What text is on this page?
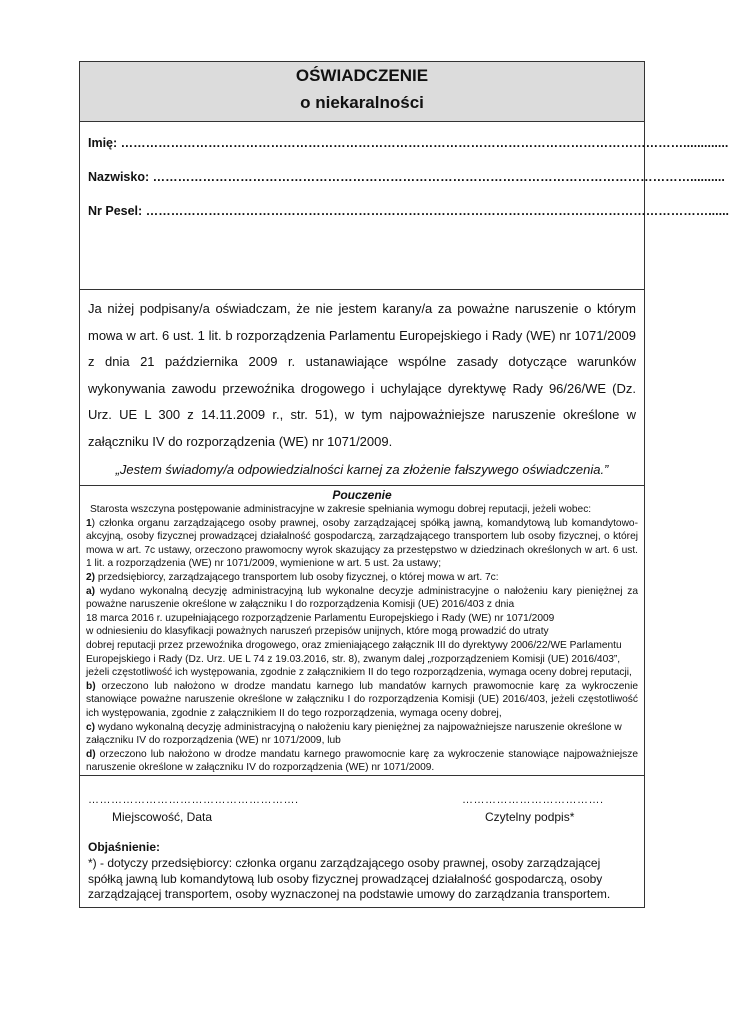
OŚWIADCZENIE
o niekaralności
Imię: ……………………………………………………………………………………………………………………….............
Nazwisko: …………………………………………………………………………………………………………………..........
Nr Pesel: ………………………………………………………………………………………………………………………......

Ja niżej podpisany/a oświadczam, że nie jestem karany/a za poważne naruszenie o którym mowa w art. 6 ust. 1 lit. b rozporządzenia Parlamentu Europejskiego i Rady (WE) nr 1071/2009 z dnia 21 października 2009 r. ustanawiające wspólne zasady dotyczące warunków wykonywania zawodu przewoźnika drogowego i uchylające dyrektywę Rady 96/26/WE (Dz. Urz. UE L 300 z 14.11.2009 r., str. 51), w tym najpoważniejsze naruszenie określone w załączniku IV do rozporządzenia (WE) nr 1071/2009.

„Jestem świadomy/a odpowiedzialności karnej za złożenie fałszywego oświadczenia.”
Pouczenie
Starosta wszczyna postępowanie administracyjne w zakresie spełniania wymogu dobrej reputacji, jeżeli wobec:
1) członka organu zarządzającego osoby prawnej, osoby zarządzającej spółką jawną, komandytową lub komandytowo-akcyjną, osoby fizycznej prowadzącej działalność gospodarczą, zarządzającego transportem lub osoby fizycznej, o której mowa w art. 7c ustawy, orzeczono prawomocny wyrok skazujący za przestępstwo w dziedzinach określonych w art. 6 ust. 1 lit. a rozporządzenia (WE) nr 1071/2009, wymienione w art. 5 ust. 2a ustawy;
2) przedsiębiorcy, zarządzającego transportem lub osoby fizycznej, o której mowa w art. 7c:
a) wydano wykonalną decyzję administracyjną lub wykonalne decyzje administracyjne o nałożeniu kary pieniężnej za poważne naruszenie określone w załączniku I do rozporządzenia Komisji (UE) 2016/403 z dnia
18 marca 2016 r. uzupełniającego rozporządzenie Parlamentu Europejskiego i Rady (WE) nr 1071/2009
w odniesieniu do klasyfikacji poważnych naruszeń przepisów unijnych, które mogą prowadzić do utraty
dobrej reputacji przez przewoźnika drogowego, oraz zmieniającego załącznik III do dyrektywy 2006/22/WE Parlamentu Europejskiego i Rady (Dz. Urz. UE L 74 z 19.03.2016, str. 8), zwanym dalej „rozporządzeniem Komisji (UE) 2016/403”, jeżeli częstotliwość ich występowania, zgodnie z załącznikiem II do tego rozporządzenia, wymaga oceny dobrej reputacji,
b) orzeczono lub nałożono w drodze mandatu karnego lub mandatów karnych prawomocnie karę za wykroczenie stanowiące poważne naruszenie określone w załączniku I do rozporządzenia Komisji (UE) 2016/403, jeżeli częstotliwość ich występowania, zgodnie z załącznikiem II do tego rozporządzenia, wymaga oceny dobrej,
c) wydano wykonalną decyzję administracyjną o nałożeniu kary pieniężnej za najpoważniejsze naruszenie określone w załączniku IV do rozporządzenia (WE) nr 1071/2009, lub
d) orzeczono lub nałożono w drodze mandatu karnego prawomocnie karę za wykroczenie stanowiące najpoważniejsze naruszenie określone w załączniku IV do rozporządzenia (WE) nr 1071/2009.
……………………………………………….	……………………………….
Miejscowość, Data	Czytelny podpis*
Objaśnienie:
*) - dotyczy przedsiębiorcy: członka organu zarządzającego osoby prawnej, osoby zarządzającej spółką jawną lub komandytową lub osoby fizycznej prowadzącej działalność gospodarczą, osoby zarządzającej transportem, osoby wyznaczonej na podstawie umowy do zarządzania transportem.
